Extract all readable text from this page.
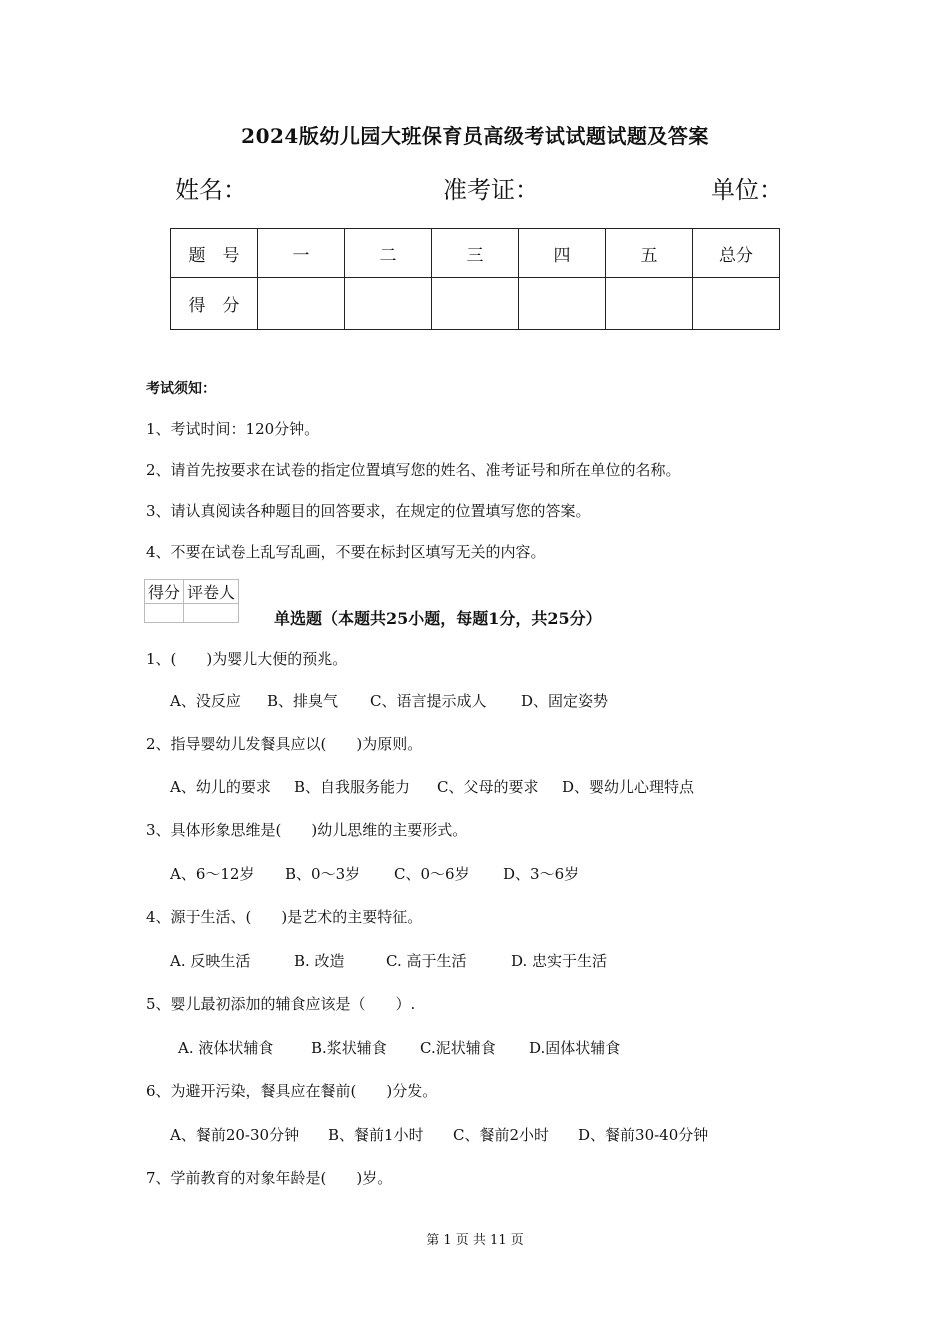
2024版幼儿园大班保育员高级考试试题试题及答案
姓名：	准考证：	单位：
题　号	一	二	三	四	五	总分
得　分						
考试须知：
1、考试时间：120分钟。
2、请首先按要求在试卷的指定位置填写您的姓名、准考证号和所在单位的名称。
3、请认真阅读各种题目的回答要求，在规定的位置填写您的答案。
4、不要在试卷上乱写乱画，不要在标封区填写无关的内容。
得分	评卷人

单选题（本题共25小题，每题1分，共25分）
1、(　　)为婴儿大便的预兆。
A、没反应 B、排臭气 C、语言提示成人 D、固定姿势
2、指导婴幼儿发餐具应以(　　)为原则。
A、幼儿的要求 B、自我服务能力 C、父母的要求 D、婴幼儿心理特点
3、具体形象思维是(　　)幼儿思维的主要形式。
A、6～12岁 B、0～3岁 C、0～6岁 D、3～6岁
4、源于生活、(　　)是艺术的主要特征。
A. 反映生活	B. 改造	C. 高于生活	D. 忠实于生活
5、婴儿最初添加的辅食应该是（　　）.
A. 液体状辅食	B.浆状辅食 C.泥状辅食 D.固体状辅食
6、为避开污染，餐具应在餐前(　　)分发。
A、餐前20-30分钟 B、餐前1小时 C、餐前2小时 D、餐前30-40分钟
7、学前教育的对象年龄是(　　)岁。
第 1 页 共 11 页
